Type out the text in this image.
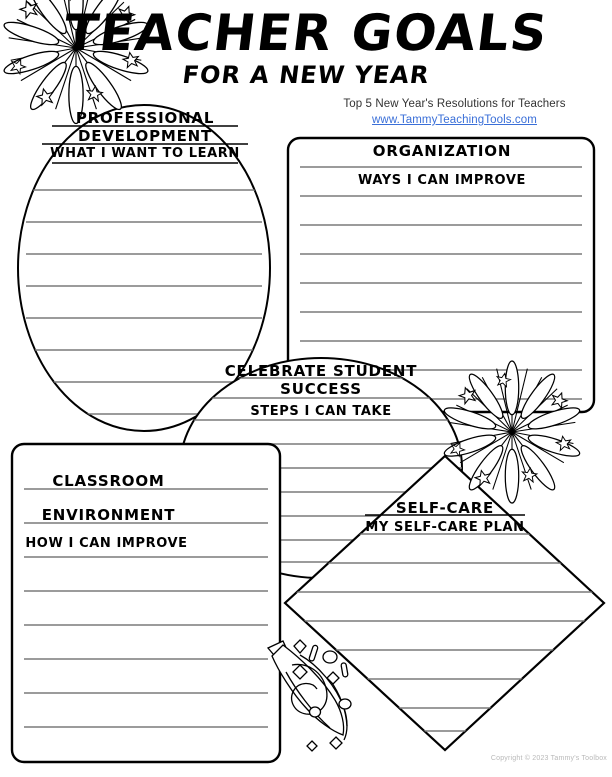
TEACHER GOALS
FOR A NEW YEAR
Top 5 New Year's Resolutions for Teachers
www.TammyTeachingTools.com
PROFESSIONAL
DEVELOPMENT
WHAT I WANT TO LEARN	ORGANIZATION
WAYS I CAN IMPROVE
CELEBRATE STUDENT
SUCCESS
STEPS I CAN TAKE
CLASSROOM
ENVIRONMENT
HOW I CAN IMPROVE
SELF-CARE
MY SELF-CARE PLAN
Copyright © 2023 Tammy's Toolbox
